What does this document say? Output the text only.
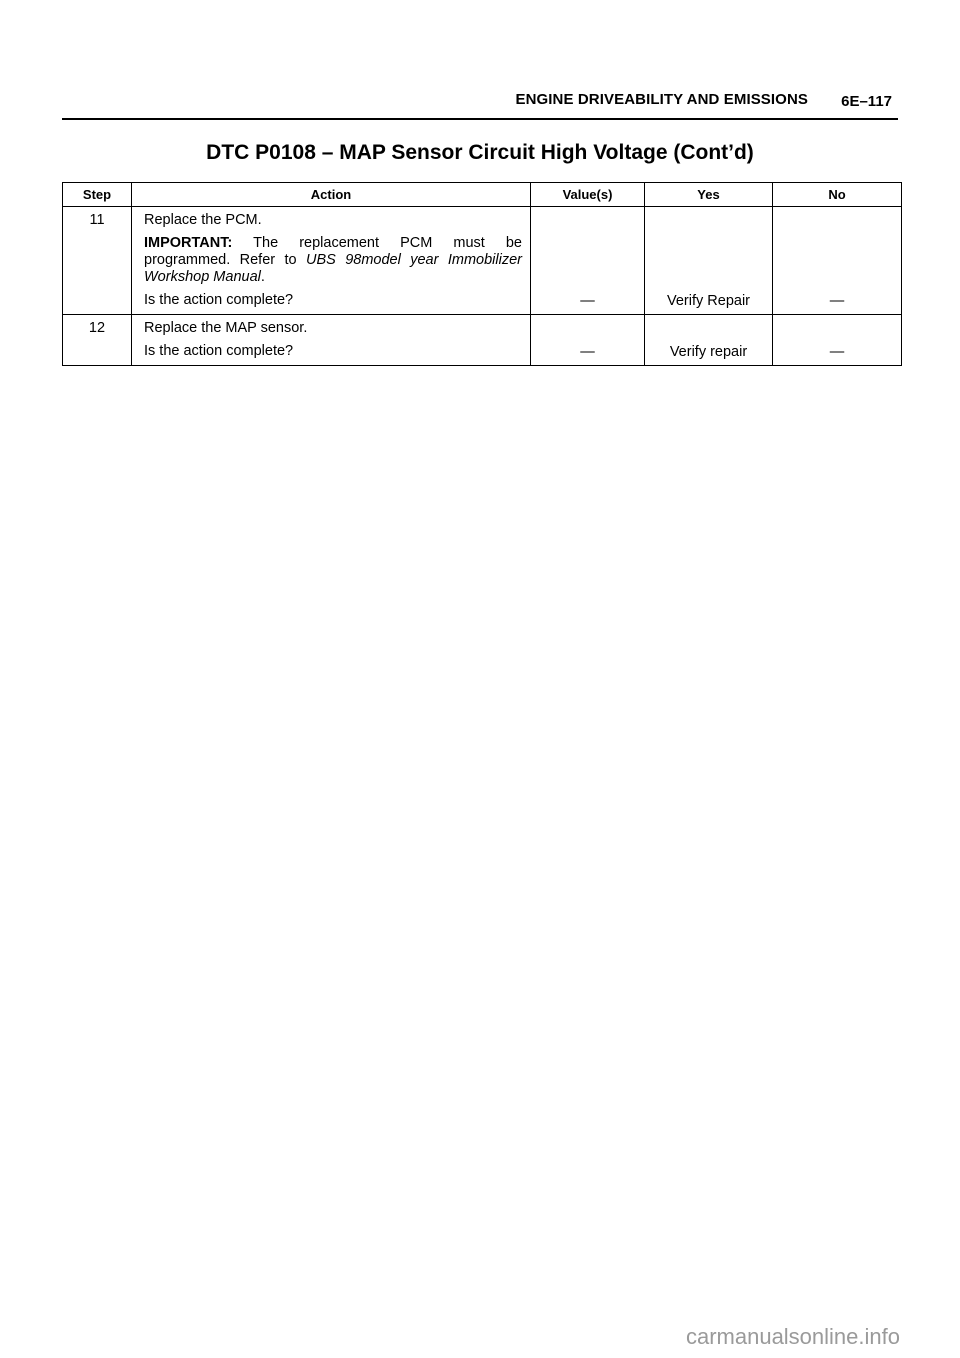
ENGINE DRIVEABILITY AND EMISSIONS 6E–117
DTC P0108 – MAP Sensor Circuit High Voltage (Cont’d)
Step	Action	Value(s)	Yes	No
11	Replace the PCM.

IMPORTANT: The replacement PCM must be programmed. Refer to UBS 98model year Immobilizer Workshop Manual.

Is the action complete?	—	Verify Repair	—
12	Replace the MAP sensor.

Is the action complete?	—	Verify repair	—
carmanualsonline.info
